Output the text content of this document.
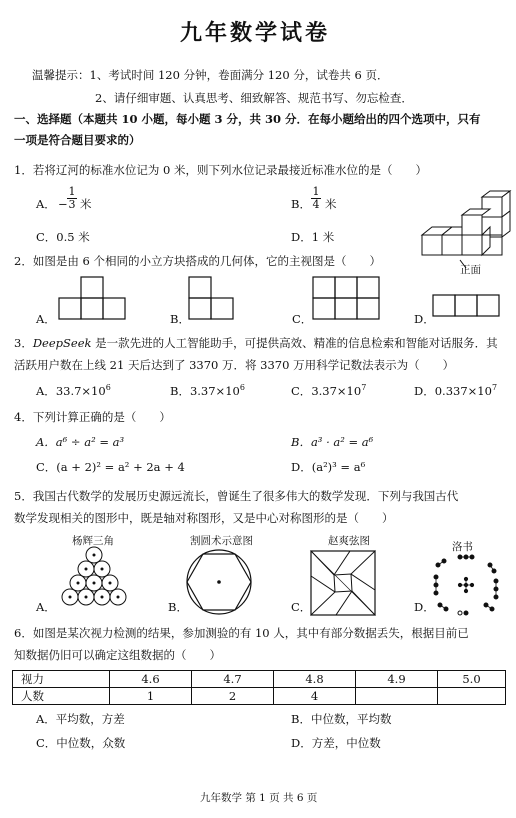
九年数学试卷
温馨提示：1、考试时间 120 分钟，卷面满分 120 分，试卷共 6 页．
2、请仔细审题、认真思考、细致解答、规范书写、勿忘检查．
一、选择题（本题共 10 小题，每小题 3 分，共 30 分．在每小题给出的四个选项中，只有
一项是符合题目要求的）
1．若将辽河的标准水位记为 0 米，则下列水位记录最接近标准水位的是（　　）
A． − $\frac{1}{3}$ 米	B． $\frac{1}{4}$ 米
C．0.5 米	D．1 米
正面
2．如图是由 6 个相同的小立方块搭成的几何体，它的主视图是（　　）
A．	B．	C．	D．
3．DeepSeek 是一款先进的人工智能助手，可提供高效、精准的信息检索和智能对话服务．其
活跃用户数在上线 21 天后达到了 3370 万．将 3370 万用科学记数法表示为（　　）
A．$33.7\times 10^6$	B．$3.37\times 10^6$	C．$3.37\times 10^7$	D．$0.337\times 10^7$
4．下列计算正确的是（　　）
A．a⁶ ÷ a² = a³	B．a³ · a² = a⁶
C．(a + 2)² = a² + 2a + 4	D．(a²)³ = a⁶
5．我国古代数学的发展历史源远流长，曾诞生了很多伟大的数学发现．下列与我国古代
数学发现相关的图形中，既是轴对称图形，又是中心对称图形的是（　　）
杨辉三角	割圆术示意图	赵爽弦图	洛书
A．	B．	C．	D．
6．如图是某次视力检测的结果，参加测验的有 10 人，其中有部分数据丢失，根据目前已
知数据仍旧可以确定这组数据的（　　）
视力	4.6	4.7	4.8	4.9	5.0
人数	1	2	4		
A．平均数，方差	B．中位数，平均数
C．中位数，众数	D．方差，中位数
九年数学 第 1 页 共 6 页
